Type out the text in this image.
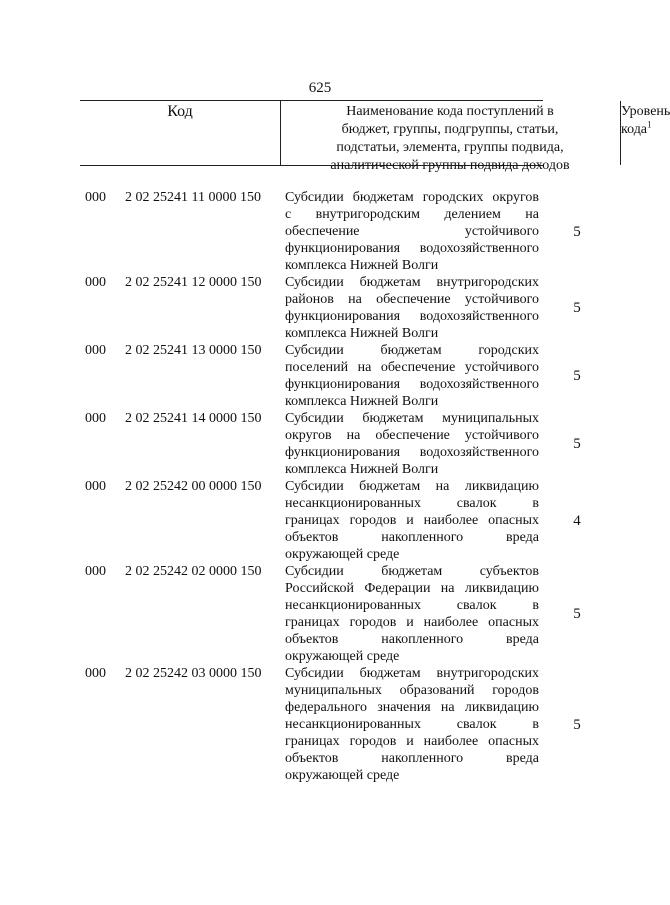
625
Код	Наименование кода поступлений в
бюджет, группы, подгруппы, статьи,
подстатьи, элемента, группы подвида,
аналитической группы подвида доходов
Уровень
кода$^1$
000	2 02 25241 11 0000 150	Субсидии бюджетам городских округов
с внутригородским делением на
обеспечение устойчивого
функционирования водохозяйственного
комплекса Нижней Волги
5
000	2 02 25241 12 0000 150	Субсидии бюджетам внутригородских
районов на обеспечение устойчивого
функционирования водохозяйственного
комплекса Нижней Волги
5
000	2 02 25241 13 0000 150	Субсидии бюджетам городских
поселений на обеспечение устойчивого
функционирования водохозяйственного
комплекса Нижней Волги
5
000	2 02 25241 14 0000 150	Субсидии бюджетам муниципальных
округов на обеспечение устойчивого
функционирования водохозяйственного
комплекса Нижней Волги
5
000	2 02 25242 00 0000 150	Субсидии бюджетам на ликвидацию
несанкционированных свалок в
границах городов и наиболее опасных
объектов накопленного вреда
окружающей среде
4
000	2 02 25242 02 0000 150	Субсидии бюджетам субъектов
Российской Федерации на ликвидацию
несанкционированных свалок в
границах городов и наиболее опасных
объектов накопленного вреда
окружающей среде
5
000	2 02 25242 03 0000 150	Субсидии бюджетам внутригородских
муниципальных образований городов
федерального значения на ликвидацию
несанкционированных свалок в
границах городов и наиболее опасных
объектов накопленного вреда
окружающей среде
5
